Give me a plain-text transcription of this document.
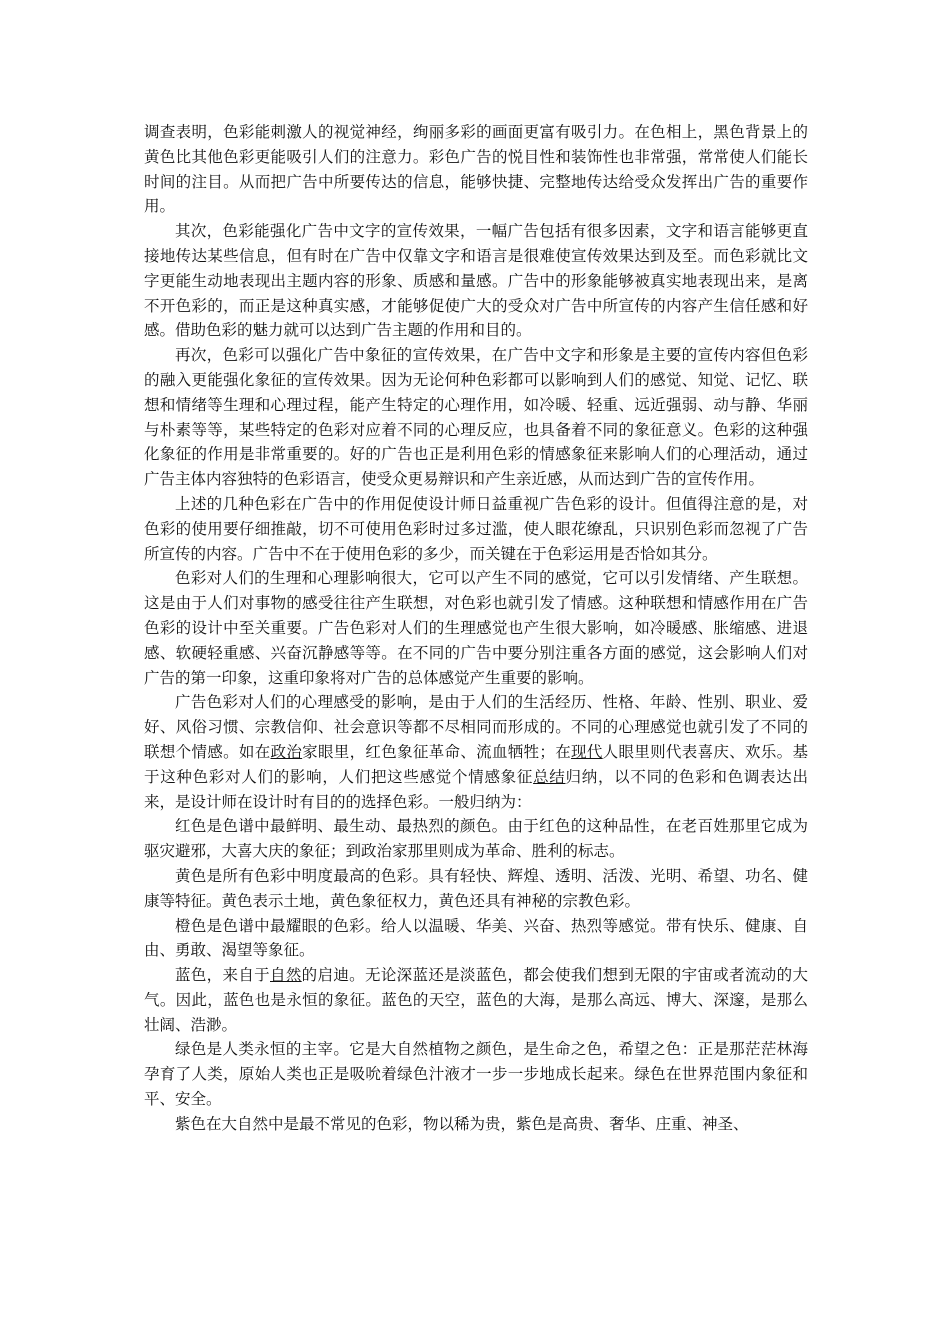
调查表明，色彩能刺激人的视觉神经，绚丽多彩的画面更富有吸引力。在色相上，黑色背景上的黄色比其他色彩更能吸引人们的注意力。彩色广告的悦目性和装饰性也非常强，常常使人们能长时间的注目。从而把广告中所要传达的信息，能够快捷、完整地传达给受众发挥出广告的重要作用。

其次，色彩能强化广告中文字的宣传效果，一幅广告包括有很多因素，文字和语言能够更直接地传达某些信息，但有时在广告中仅靠文字和语言是很难使宣传效果达到及至。而色彩就比文字更能生动地表现出主题内容的形象、质感和量感。广告中的形象能够被真实地表现出来，是离不开色彩的，而正是这种真实感，才能够促使广大的受众对广告中所宣传的内容产生信任感和好感。借助色彩的魅力就可以达到广告主题的作用和目的。

再次，色彩可以强化广告中象征的宣传效果，在广告中文字和形象是主要的宣传内容但色彩的融入更能强化象征的宣传效果。因为无论何种色彩都可以影响到人们的感觉、知觉、记忆、联想和情绪等生理和心理过程，能产生特定的心理作用，如冷暖、轻重、远近强弱、动与静、华丽与朴素等等，某些特定的色彩对应着不同的心理反应，也具备着不同的象征意义。色彩的这种强化象征的作用是非常重要的。好的广告也正是利用色彩的情感象征来影响人们的心理活动，通过广告主体内容独特的色彩语言，使受众更易辩识和产生亲近感，从而达到广告的宣传作用。

上述的几种色彩在广告中的作用促使设计师日益重视广告色彩的设计。但值得注意的是，对色彩的使用要仔细推敲，切不可使用色彩时过多过滥，使人眼花缭乱，只识别色彩而忽视了广告所宣传的内容。广告中不在于使用色彩的多少，而关键在于色彩运用是否恰如其分。

色彩对人们的生理和心理影响很大，它可以产生不同的感觉，它可以引发情绪、产生联想。这是由于人们对事物的感受往往产生联想，对色彩也就引发了情感。这种联想和情感作用在广告色彩的设计中至关重要。广告色彩对人们的生理感觉也产生很大影响，如冷暖感、胀缩感、进退感、软硬轻重感、兴奋沉静感等等。在不同的广告中要分别注重各方面的感觉，这会影响人们对广告的第一印象，这重印象将对广告的总体感觉产生重要的影响。

广告色彩对人们的心理感受的影响，是由于人们的生活经历、性格、年龄、性别、职业、爱好、风俗习惯、宗教信仰、社会意识等都不尽相同而形成的。不同的心理感觉也就引发了不同的联想个情感。如在政治家眼里，红色象征革命、流血牺牲；在现代人眼里则代表喜庆、欢乐。基于这种色彩对人们的影响，人们把这些感觉个情感象征总结归纳，以不同的色彩和色调表达出来，是设计师在设计时有目的的选择色彩。一般归纳为：

红色是色谱中最鲜明、最生动、最热烈的颜色。由于红色的这种品性，在老百姓那里它成为驱灾避邪，大喜大庆的象征；到政治家那里则成为革命、胜利的标志。

黄色是所有色彩中明度最高的色彩。具有轻快、辉煌、透明、活泼、光明、希望、功名、健康等特征。黄色表示土地，黄色象征权力，黄色还具有神秘的宗教色彩。

橙色是色谱中最耀眼的色彩。给人以温暖、华美、兴奋、热烈等感觉。带有快乐、健康、自由、勇敢、渴望等象征。

蓝色，来自于自然的启迪。无论深蓝还是淡蓝色，都会使我们想到无限的宇宙或者流动的大气。因此，蓝色也是永恒的象征。蓝色的天空，蓝色的大海，是那么高远、博大、深邃，是那么壮阔、浩渺。

绿色是人类永恒的主宰。它是大自然植物之颜色，是生命之色，希望之色：正是那茫茫林海孕育了人类，原始人类也正是吸吮着绿色汁液才一步一步地成长起来。绿色在世界范围内象征和平、安全。

紫色在大自然中是最不常见的色彩，物以稀为贵，紫色是高贵、奢华、庄重、神圣、
